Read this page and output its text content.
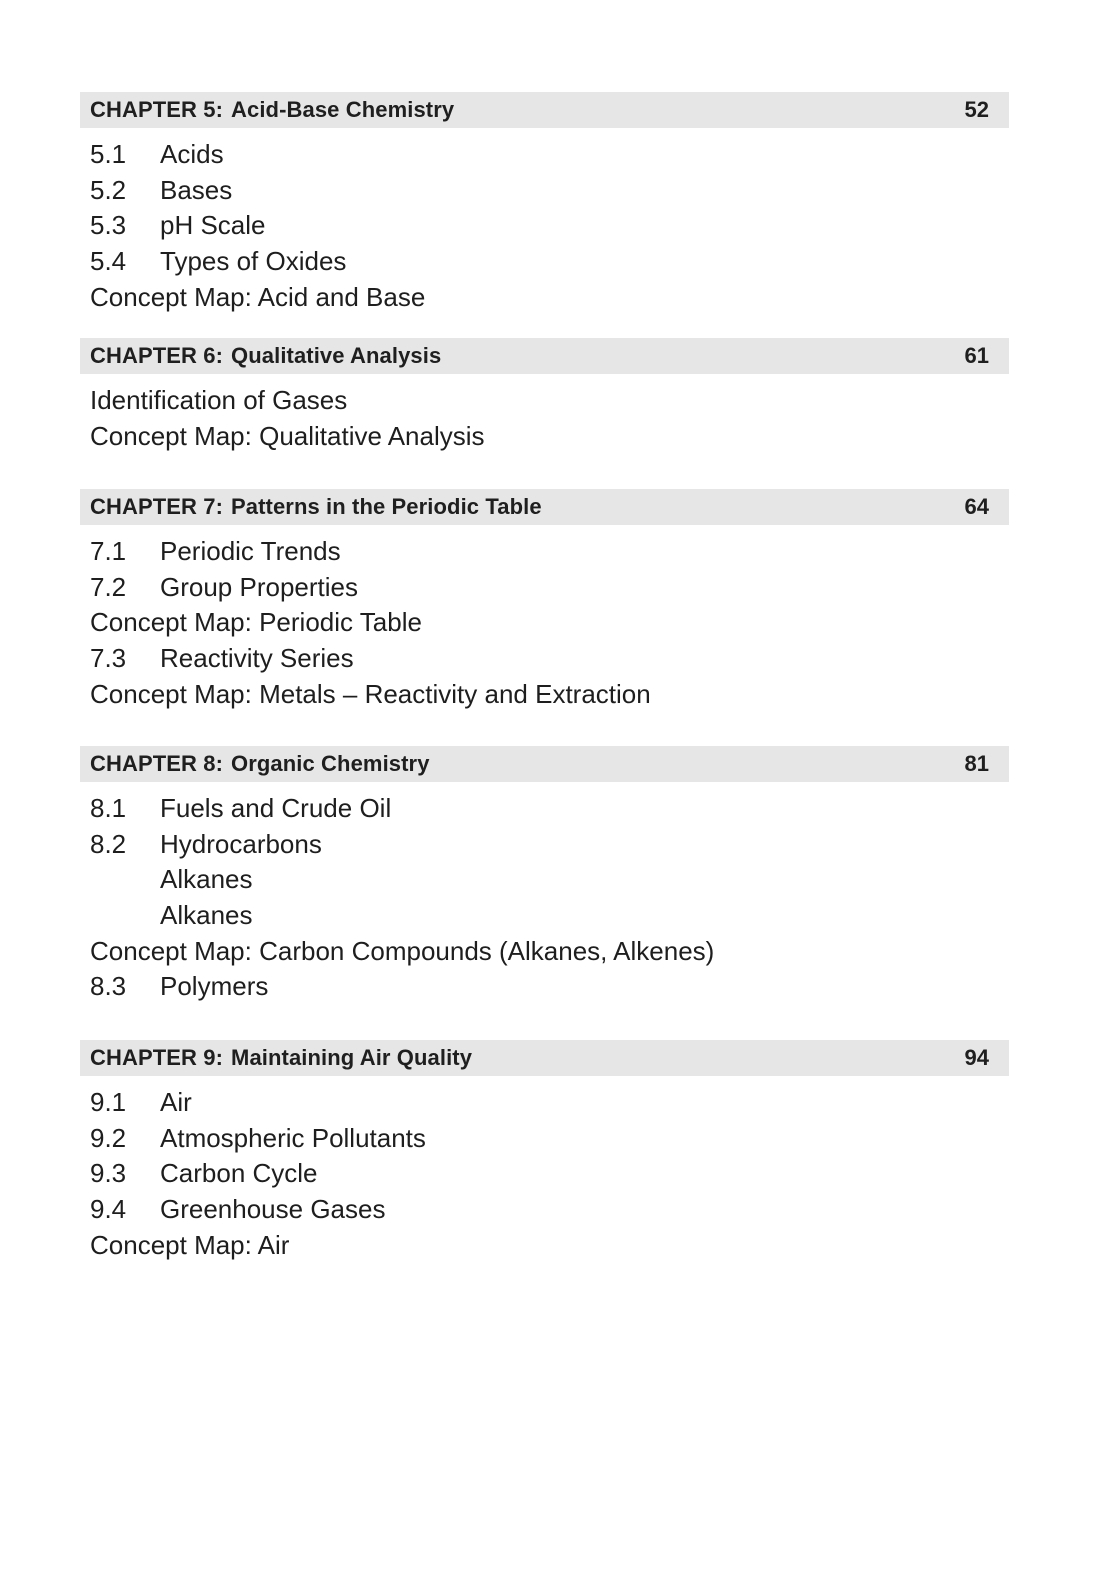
CHAPTER 5: Acid-Base Chemistry	52
5.1	Acids
5.2	Bases
5.3	pH Scale
5.4	Types of Oxides
Concept Map: Acid and Base
CHAPTER 6: Qualitative Analysis	61
Identification of Gases
Concept Map: Qualitative Analysis
CHAPTER 7: Patterns in the Periodic Table	64
7.1	Periodic Trends
7.2	Group Properties
Concept Map: Periodic Table
7.3	Reactivity Series
Concept Map: Metals – Reactivity and Extraction
CHAPTER 8: Organic Chemistry	81
8.1	Fuels and Crude Oil
8.2	Hydrocarbons
Alkanes
Alkanes
Concept Map: Carbon Compounds (Alkanes, Alkenes)
8.3	Polymers
CHAPTER 9: Maintaining Air Quality	94
9.1	Air
9.2	Atmospheric Pollutants
9.3	Carbon Cycle
9.4	Greenhouse Gases
Concept Map: Air
